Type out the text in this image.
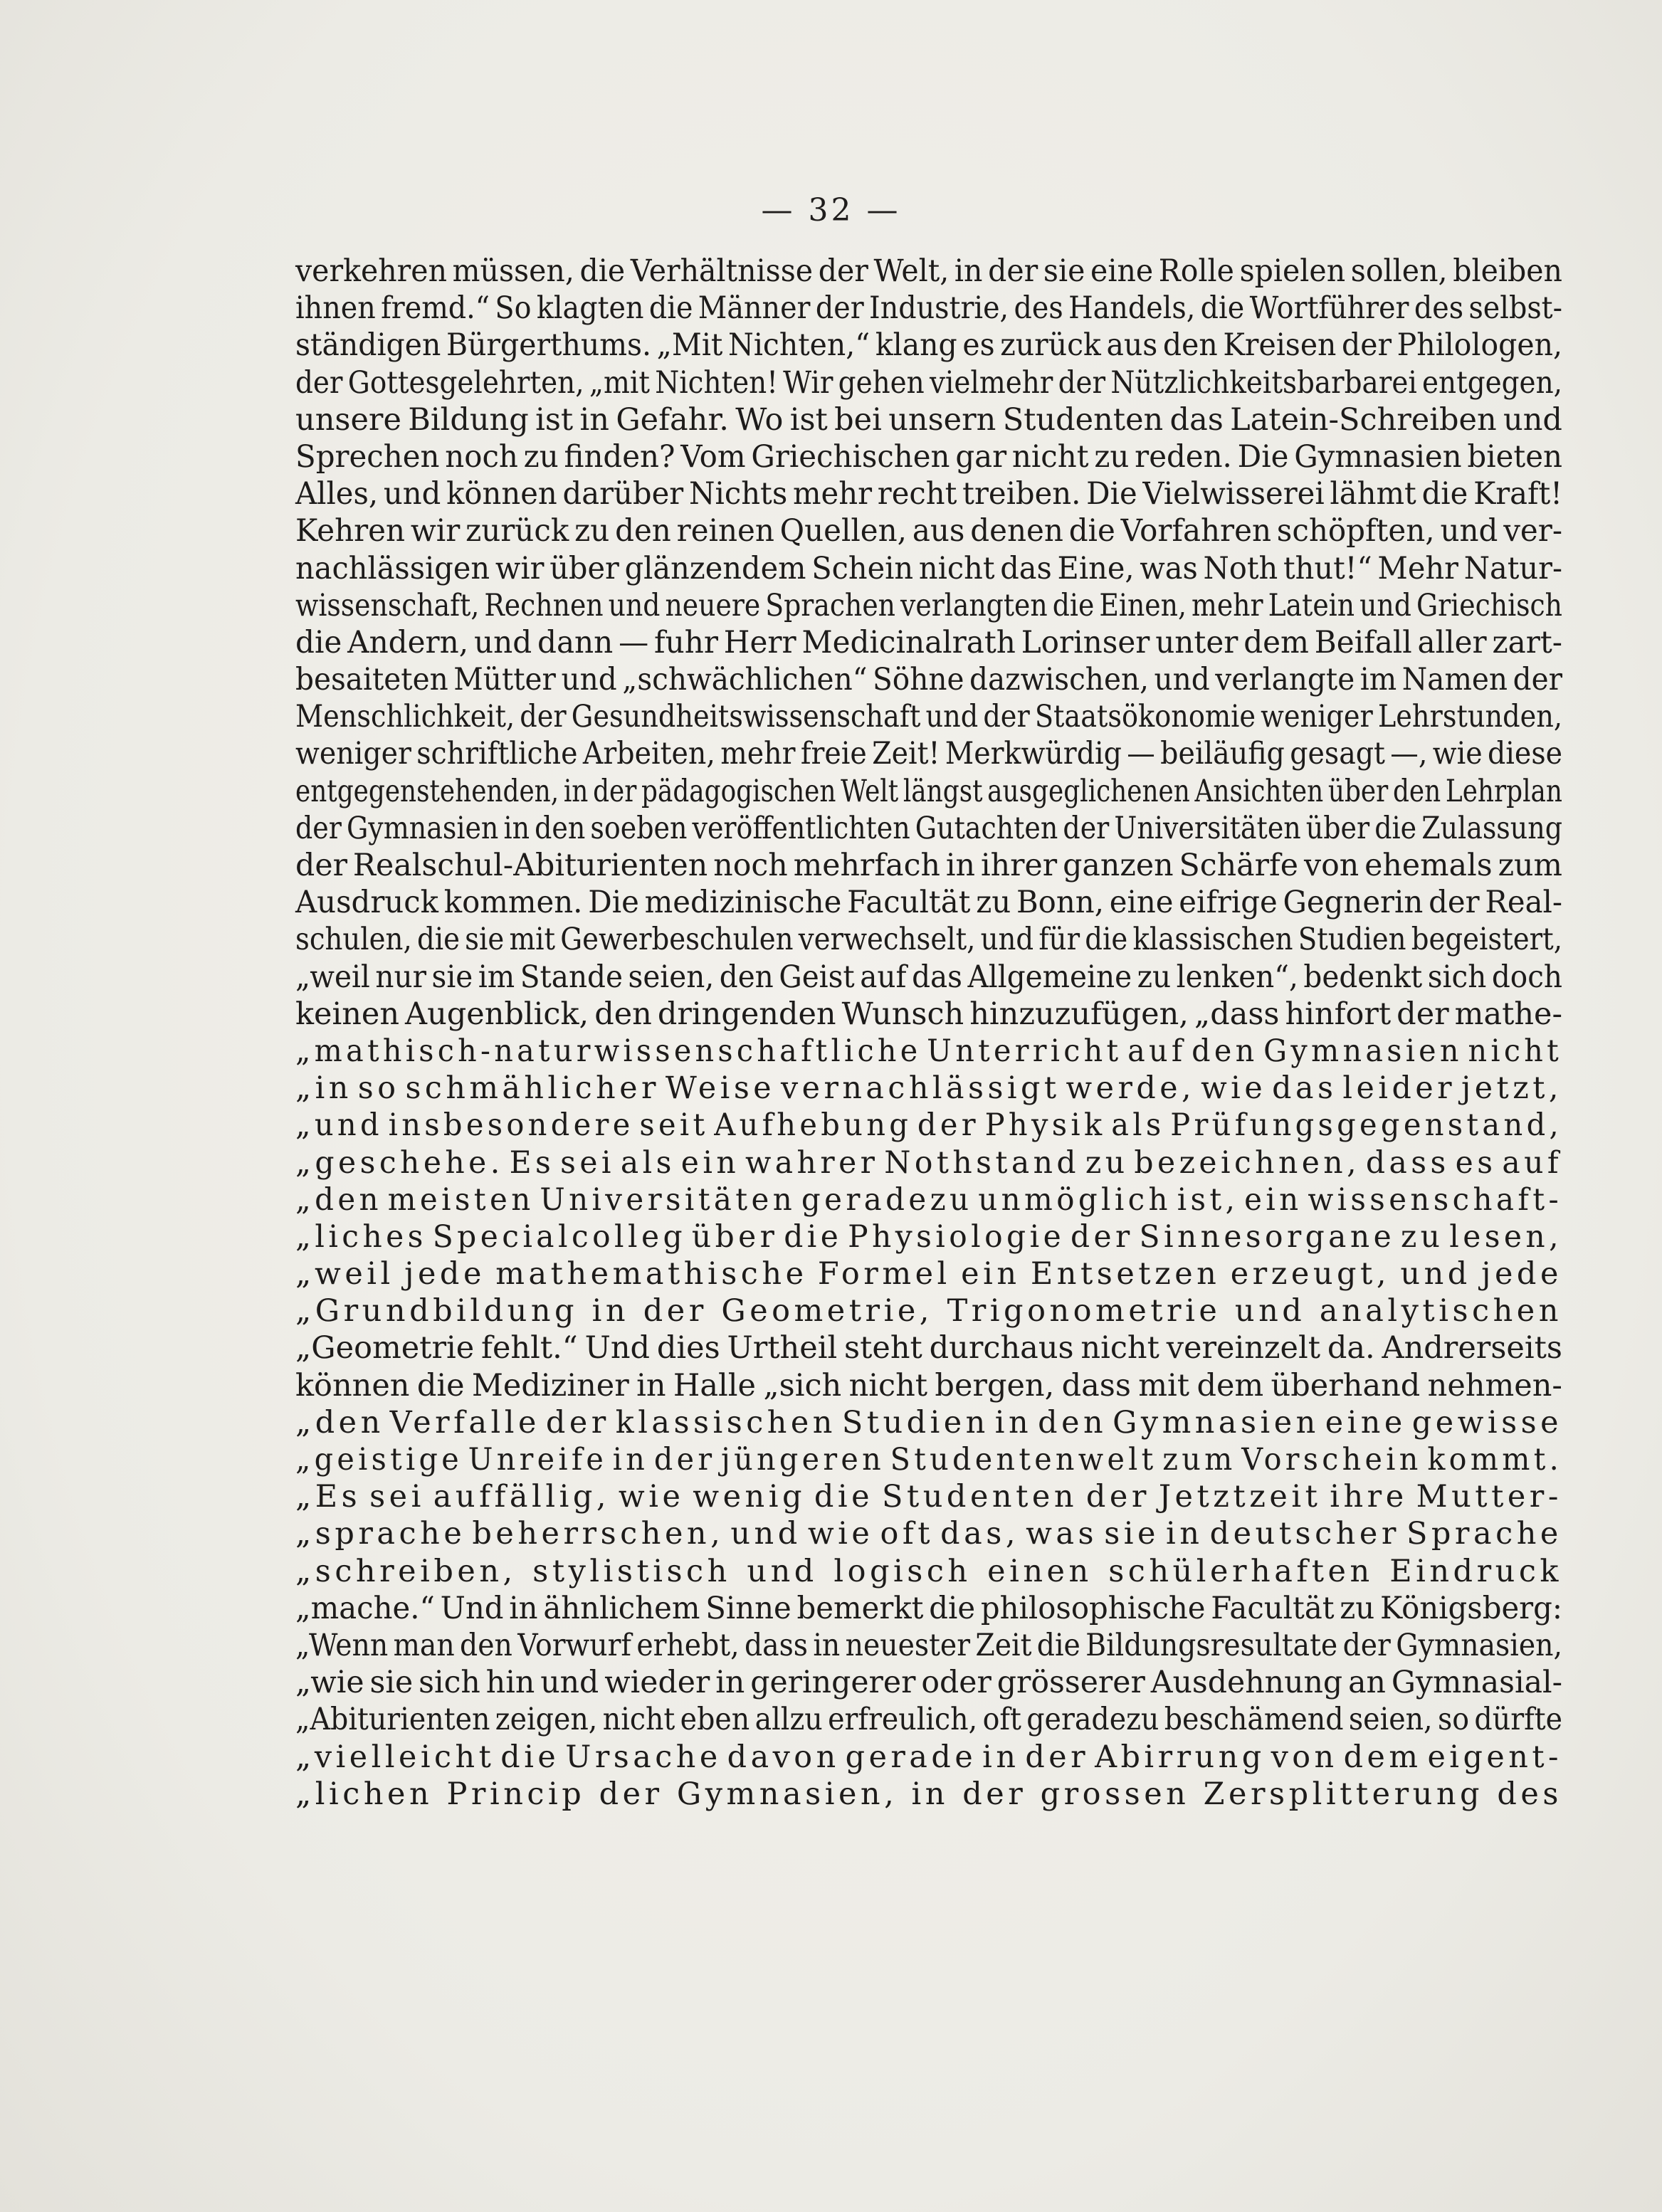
— 32 —
verkehren müssen, die Verhältnisse der Welt, in der sie eine Rolle spielen sollen, bleiben
ihnen fremd.“ So klagten die Männer der Industrie, des Handels, die Wortführer des selbst-
ständigen Bürgerthums. „Mit Nichten,“ klang es zurück aus den Kreisen der Philologen,
der Gottesgelehrten, „mit Nichten! Wir gehen vielmehr der Nützlichkeitsbarbarei entgegen,
unsere Bildung ist in Gefahr. Wo ist bei unsern Studenten das Latein-Schreiben und
Sprechen noch zu finden? Vom Griechischen gar nicht zu reden. Die Gymnasien bieten
Alles, und können darüber Nichts mehr recht treiben. Die Vielwisserei lähmt die Kraft!
Kehren wir zurück zu den reinen Quellen, aus denen die Vorfahren schöpften, und ver-
nachlässigen wir über glänzendem Schein nicht das Eine, was Noth thut!“ Mehr Natur-
wissenschaft, Rechnen und neuere Sprachen verlangten die Einen, mehr Latein und Griechisch
die Andern, und dann — fuhr Herr Medicinalrath Lorinser unter dem Beifall aller zart-
besaiteten Mütter und „schwächlichen“ Söhne dazwischen, und verlangte im Namen der
Menschlichkeit, der Gesundheitswissenschaft und der Staatsökonomie weniger Lehrstunden,
weniger schriftliche Arbeiten, mehr freie Zeit! Merkwürdig — beiläufig gesagt —, wie diese
entgegenstehenden, in der pädagogischen Welt längst ausgeglichenen Ansichten über den Lehrplan
der Gymnasien in den soeben veröffentlichten Gutachten der Universitäten über die Zulassung
der Realschul-Abiturienten noch mehrfach in ihrer ganzen Schärfe von ehemals zum
Ausdruck kommen. Die medizinische Facultät zu Bonn, eine eifrige Gegnerin der Real-
schulen, die sie mit Gewerbeschulen verwechselt, und für die klassischen Studien begeistert,
„weil nur sie im Stande seien, den Geist auf das Allgemeine zu lenken“, bedenkt sich doch
keinen Augenblick, den dringenden Wunsch hinzuzufügen, „dass hinfort der mathe-
„mathisch-naturwissenschaftliche Unterricht auf den Gymnasien nicht
„in so schmählicher Weise vernachlässigt werde, wie das leider jetzt,
„und insbesondere seit Aufhebung der Physik als Prüfungsgegenstand,
„geschehe. Es sei als ein wahrer Nothstand zu bezeichnen, dass es auf
„den meisten Universitäten geradezu unmöglich ist, ein wissenschaft-
„liches Specialcolleg über die Physiologie der Sinnesorgane zu lesen,
„weil jede mathemathische Formel ein Entsetzen erzeugt, und jede
„Grundbildung in der Geometrie, Trigonometrie und analytischen
„Geometrie fehlt.“ Und dies Urtheil steht durchaus nicht vereinzelt da. Andrerseits
können die Mediziner in Halle „sich nicht bergen, dass mit dem überhand nehmen-
„den Verfalle der klassischen Studien in den Gymnasien eine gewisse
„geistige Unreife in der jüngeren Studentenwelt zum Vorschein kommt.
„Es sei auffällig, wie wenig die Studenten der Jetztzeit ihre Mutter-
„sprache beherrschen, und wie oft das, was sie in deutscher Sprache
„schreiben, stylistisch und logisch einen schülerhaften Eindruck
„mache.“ Und in ähnlichem Sinne bemerkt die philosophische Facultät zu Königsberg:
„Wenn man den Vorwurf erhebt, dass in neuester Zeit die Bildungsresultate der Gymnasien,
„wie sie sich hin und wieder in geringerer oder grösserer Ausdehnung an Gymnasial-
„Abiturienten zeigen, nicht eben allzu erfreulich, oft geradezu beschämend seien, so dürfte
„vielleicht die Ursache davon gerade in der Abirrung von dem eigent-
„lichen Princip der Gymnasien, in der grossen Zersplitterung des
